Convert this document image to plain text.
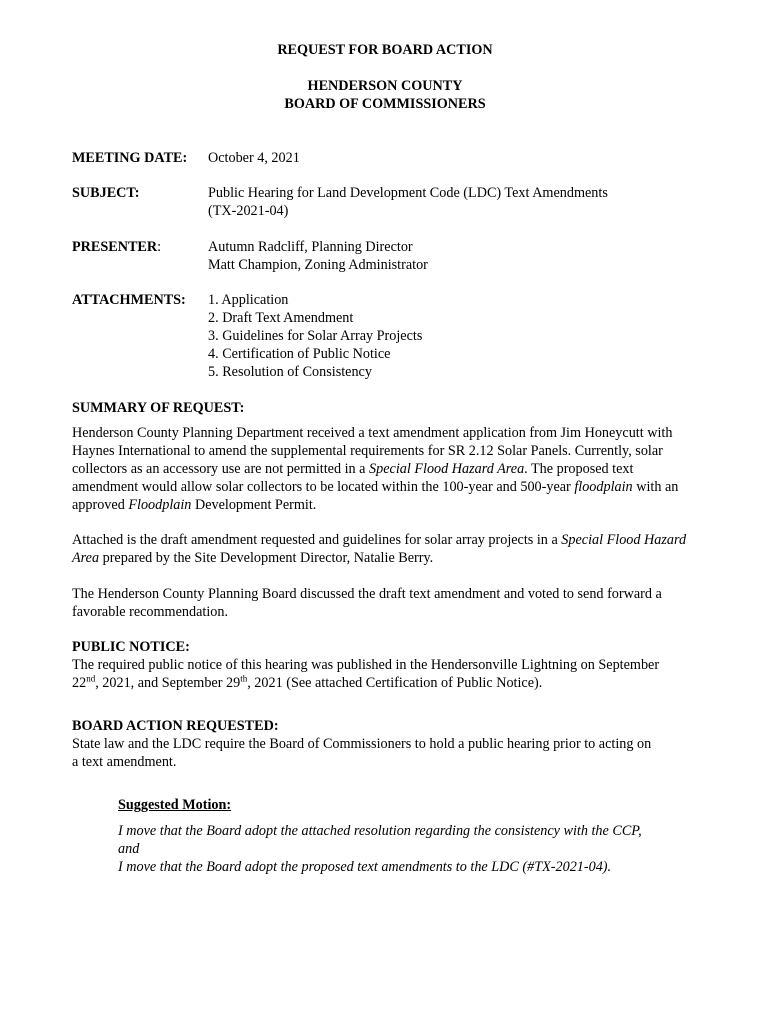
REQUEST FOR BOARD ACTION
HENDERSON COUNTY
BOARD OF COMMISSIONERS
MEETING DATE: October 4, 2021
SUBJECT:	Public Hearing for Land Development Code (LDC) Text Amendments
(TX-2021-04)
PRESENTER:	Autumn Radcliff, Planning Director
Matt Champion, Zoning Administrator
ATTACHMENTS: 1. Application
2. Draft Text Amendment
3. Guidelines for Solar Array Projects
4. Certification of Public Notice
5. Resolution of Consistency
SUMMARY OF REQUEST:
Henderson County Planning Department received a text amendment application from Jim Honeycutt with
Haynes International to amend the supplemental requirements for SR 2.12 Solar Panels. Currently, solar
collectors as an accessory use are not permitted in a Special Flood Hazard Area. The proposed text
amendment would allow solar collectors to be located within the 100-year and 500-year floodplain with an
approved Floodplain Development Permit.
Attached is the draft amendment requested and guidelines for solar array projects in a Special Flood Hazard
Area prepared by the Site Development Director, Natalie Berry.
The Henderson County Planning Board discussed the draft text amendment and voted to send forward a
favorable recommendation.
PUBLIC NOTICE:
The required public notice of this hearing was published in the Hendersonville Lightning on September
22nd, 2021, and September 29th, 2021 (See attached Certification of Public Notice).
BOARD ACTION REQUESTED:
State law and the LDC require the Board of Commissioners to hold a public hearing prior to acting on
a text amendment.
Suggested Motion:
I move that the Board adopt the attached resolution regarding the consistency with the CCP,
and
I move that the Board adopt the proposed text amendments to the LDC (#TX-2021-04).
